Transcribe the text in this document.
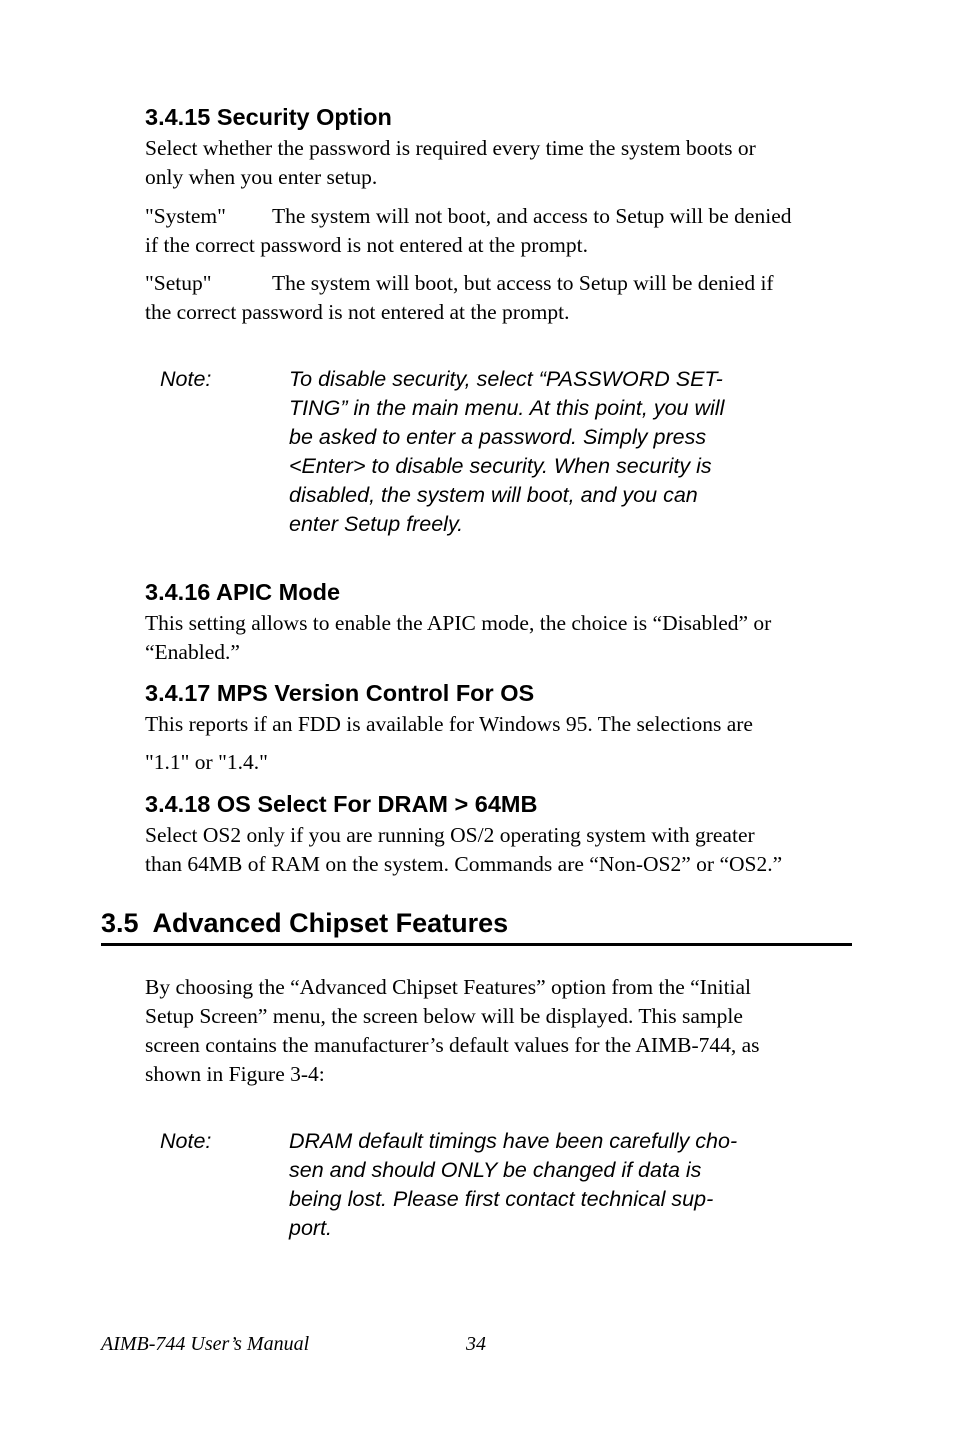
3.4.15 Security Option

Select whether the password is required every time the system boots or
only when you enter setup.

"System" The system will not boot, and access to Setup will be denied
if the correct password is not entered at the prompt.

"Setup"	The system will boot, but access to Setup will be denied if
the correct password is not entered at the prompt.

Note:	To disable security, select “PASSWORD SET-
TING” in the main menu. At this point, you will
be asked to enter a password. Simply press
<Enter> to disable security. When security is
disabled, the system will boot, and you can
enter Setup freely.
3.4.16 APIC Mode

This setting allows to enable the APIC mode, the choice is “Disabled” or
“Enabled.”

3.4.17 MPS Version Control For OS

This reports if an FDD is available for Windows 95. The selections are

"1.1" or "1.4."

3.4.18 OS Select For DRAM > 64MB

Select OS2 only if you are running OS/2 operating system with greater
than 64MB of RAM on the system. Commands are “Non-OS2” or “OS2.”

3.5  Advanced Chipset Features

By choosing the “Advanced Chipset Features” option from the “Initial
Setup Screen” menu, the screen below will be displayed. This sample
screen contains the manufacturer’s default values for the AIMB-744, as
shown in Figure 3-4:

Note:	DRAM default timings have been carefully cho-
sen and should ONLY be changed if data is
being lost. Please first contact technical sup-
port.
AIMB-744 User’s Manual	34
